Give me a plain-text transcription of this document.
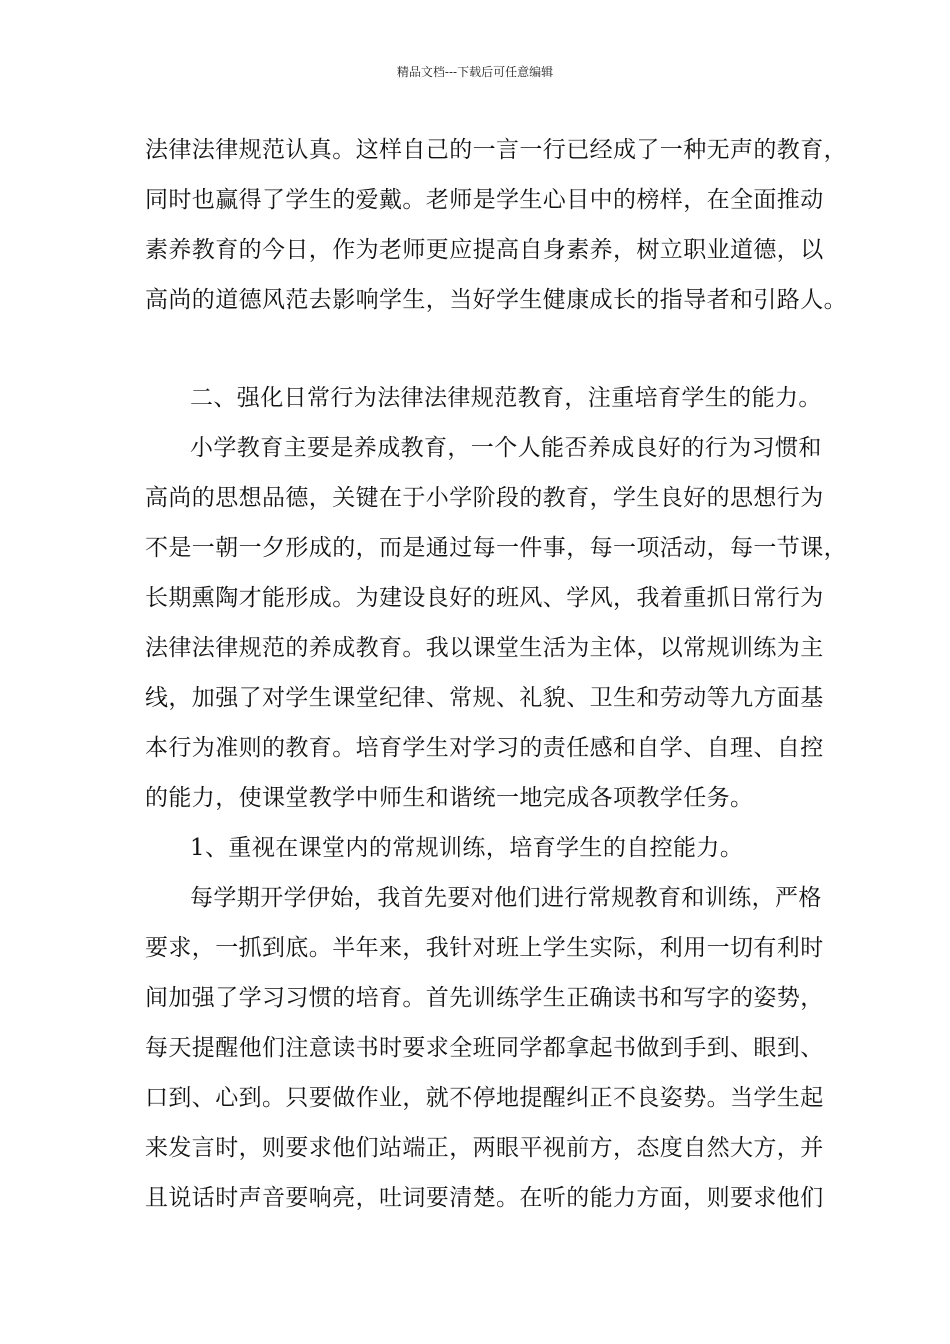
精品文档---下载后可任意编辑
法律法律规范认真。这样自己的一言一行已经成了一种无声的教育，
同时也赢得了学生的爱戴。老师是学生心目中的榜样，在全面推动
素养教育的今日，作为老师更应提高自身素养，树立职业道德，以
高尚的道德风范去影响学生，当好学生健康成长的指导者和引路人。
二、强化日常行为法律法律规范教育，注重培育学生的能力。
小学教育主要是养成教育，一个人能否养成良好的行为习惯和
高尚的思想品德，关键在于小学阶段的教育，学生良好的思想行为
不是一朝一夕形成的，而是通过每一件事，每一项活动，每一节课，
长期熏陶才能形成。为建设良好的班风、学风，我着重抓日常行为
法律法律规范的养成教育。我以课堂生活为主体，以常规训练为主
线，加强了对学生课堂纪律、常规、礼貌、卫生和劳动等九方面基
本行为准则的教育。培育学生对学习的责任感和自学、自理、自控
的能力，使课堂教学中师生和谐统一地完成各项教学任务。
1、重视在课堂内的常规训练，培育学生的自控能力。
每学期开学伊始，我首先要对他们进行常规教育和训练，严格
要求，一抓到底。半年来，我针对班上学生实际，利用一切有利时
间加强了学习习惯的培育。首先训练学生正确读书和写字的姿势，
每天提醒他们注意读书时要求全班同学都拿起书做到手到、眼到、
口到、心到。只要做作业，就不停地提醒纠正不良姿势。当学生起
来发言时，则要求他们站端正，两眼平视前方，态度自然大方，并
且说话时声音要响亮，吐词要清楚。在听的能力方面，则要求他们
